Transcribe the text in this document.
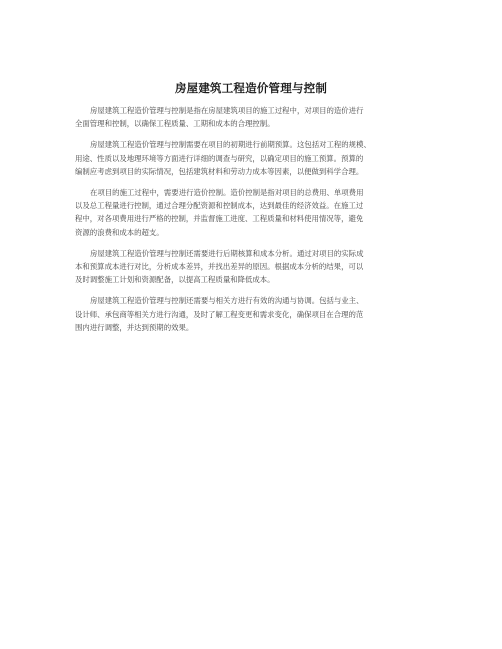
房屋建筑工程造价管理与控制

房屋建筑工程造价管理与控制是指在房屋建筑项目的施工过程中，对项目的造价进行
全面管理和控制，以确保工程质量、工期和成本的合理控制。

房屋建筑工程造价管理与控制需要在项目的初期进行前期预算。这包括对工程的规模、
用途、性质以及地理环境等方面进行详细的调查与研究，以确定项目的施工预算。预算的
编制应考虑到项目的实际情况，包括建筑材料和劳动力成本等因素，以便做到科学合理。

在项目的施工过程中，需要进行造价控制。造价控制是指对项目的总费用、单项费用
以及总工程量进行控制，通过合理分配资源和控制成本，达到最佳的经济效益。在施工过
程中，对各项费用进行严格的控制，并监督施工进度、工程质量和材料使用情况等，避免
资源的浪费和成本的超支。

房屋建筑工程造价管理与控制还需要进行后期核算和成本分析。通过对项目的实际成
本和预算成本进行对比，分析成本差异，并找出差异的原因。根据成本分析的结果，可以
及时调整施工计划和资源配备，以提高工程质量和降低成本。

房屋建筑工程造价管理与控制还需要与相关方进行有效的沟通与协调。包括与业主、
设计师、承包商等相关方进行沟通，及时了解工程变更和需求变化，确保项目在合理的范
围内进行调整，并达到预期的效果。
